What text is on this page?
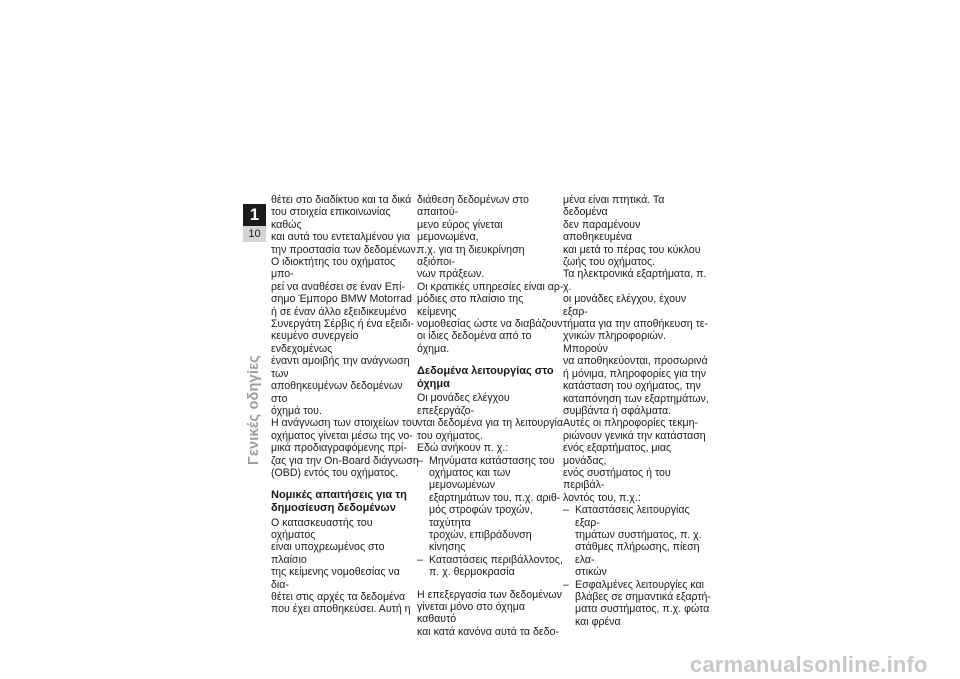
1
10
Γενικές οδηγίες

θέτει στο διαδίκτυο και τα δικά
του στοιχεία επικοινωνίας καθώς
και αυτά του εντεταλμένου για
την προστασία των δεδομένων.
Ο ιδιοκτήτης του οχήματος μπο-
ρεί να αναθέσει σε έναν Επί-
σημο Έμπορο BMW Motorrad
ή σε έναν άλλο εξειδικευμένο
Συνεργάτη Σέρβις ή ένα εξειδι-
κευμένο συνεργείο ενδεχομένως
έναντι αμοιβής την ανάγνωση των
αποθηκευμένων δεδομένων στο
όχημά του.
Η ανάγνωση των στοιχείων του
οχήματος γίνεται μέσω της νο-
μικά προδιαγραφόμενης πρί-
ζας για την On-Board διάγνωση
(OBD) εντός του οχήματος.

Νομικές απαιτήσεις για τη
δημοσίευση δεδομένων

Ο κατασκευαστής του οχήματος
είναι υποχρεωμένος στο πλαίσιο
της κείμενης νομοθεσίας να δια-
θέτει στις αρχές τα δεδομένα
που έχει αποθηκεύσει. Αυτή η

διάθεση δεδομένων στο απαιτού-
μενο εύρος γίνεται μεμονωμένα,
π.χ. για τη διευκρίνηση αξιόποι-
νων πράξεων.
Οι κρατικές υπηρεσίες είναι αρ-
μόδιες στο πλαίσιο της κείμενης
νομοθεσίας ώστε να διαβάζουν
οι ίδιες δεδομένα από το όχημα.

Δεδομένα λειτουργίας στο
όχημα

Οι μονάδες ελέγχου επεξεργάζο-
νται δεδομένα για τη λειτουργία
του οχήματος.
Εδώ ανήκουν π. χ.:

– Μηνύματα κατάστασης του
οχήματος και των μεμονωμένων
εξαρτημάτων του, π.χ. αριθ-
μός στροφών τροχών, ταχύτητα
τροχών, επιβράδυνση κίνησης
– Καταστάσεις περιβάλλοντος,
π. χ. θερμοκρασία

Η επεξεργασία των δεδομένων
γίνεται μόνο στο όχημα καθαυτό
και κατά κανόνα αυτά τα δεδο-

μένα είναι πτητικά. Τα δεδομένα
δεν παραμένουν αποθηκευμένα
και μετά το πέρας του κύκλου
ζωής του οχήματος.
Τα ηλεκτρονικά εξαρτήματα, π. χ.
οι μονάδες ελέγχου, έχουν εξαρ-
τήματα για την αποθήκευση τε-
χνικών πληροφοριών. Μπορούν
να αποθηκεύονται, προσωρινά
ή μόνιμα, πληροφορίες για την
κατάσταση του οχήματος, την
καταπόνηση των εξαρτημάτων,
συμβάντα ή σφάλματα.
Αυτές οι πληροφορίες τεκμη-
ριώνουν γενικά την κατάσταση
ενός εξαρτήματος, μιας μονάδας,
ενός συστήματος ή του περιβάλ-
λοντός του, π.χ.:

– Καταστάσεις λειτουργίας εξαρ-
τημάτων συστήματος, π. χ.
στάθμες πλήρωσης, πίεση ελα-
στικών
– Εσφαλμένες λειτουργίες και
βλάβες σε σημαντικά εξαρτή-
ματα συστήματος, π.χ. φώτα
και φρένα
carmanualsonline.info
